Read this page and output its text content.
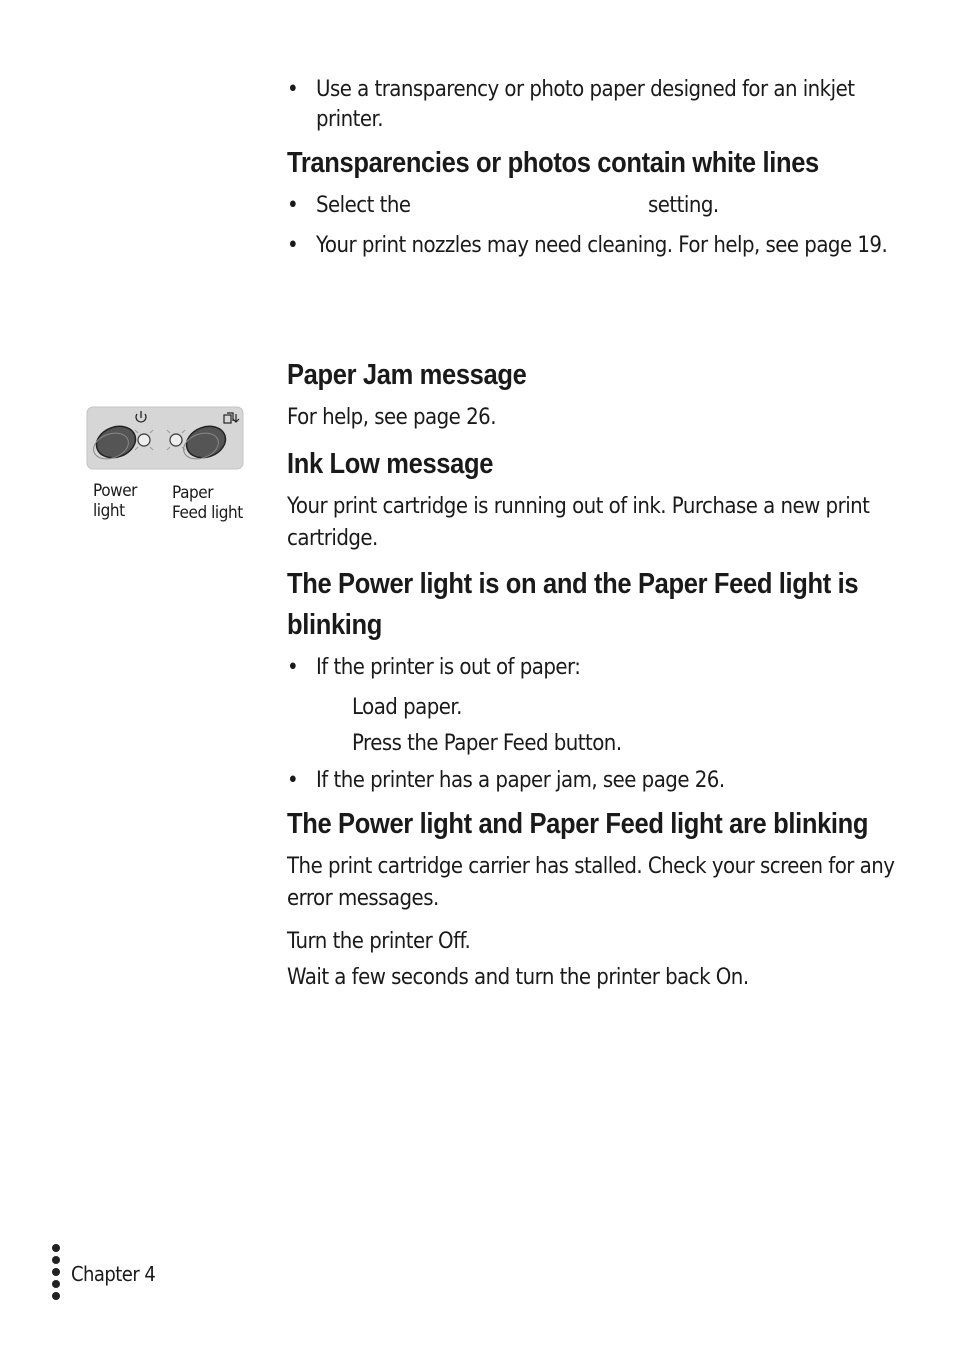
• Use a transparency or photo paper designed for an inkjet
printer.
Transparencies or photos contain white lines
• Select the	setting.
• Your print nozzles may need cleaning. For help, see page 19.
Paper Jam message
For help, see page 26.
Power
light
Paper
Feed light
Ink Low message
Your print cartridge is running out of ink. Purchase a new print
cartridge.
The Power light is on and the Paper Feed light is
blinking
• If the printer is out of paper:
Load paper.
Press the Paper Feed button.
• If the printer has a paper jam, see page 26.
The Power light and Paper Feed light are blinking
The print cartridge carrier has stalled. Check your screen for any
error messages.
Turn the printer Off.
Wait a few seconds and turn the printer back On.
Chapter 4
